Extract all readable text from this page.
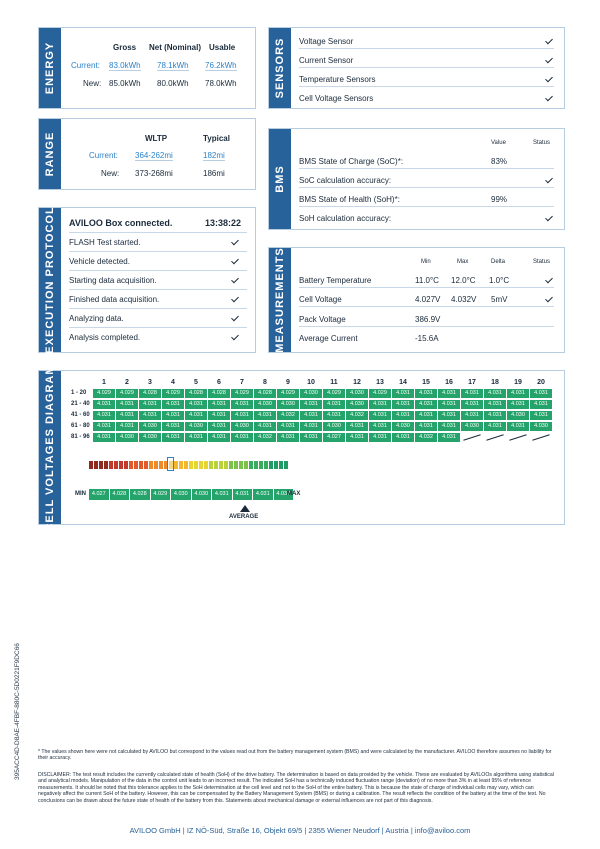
ENERGY	Gross Net (Nominal) Usable
Current: 83.0kWh 78.1kWh 76.2kWh
New: 85.0kWh 80.0kWh 78.0kWh	SENSORS Voltage Sensor
Current Sensor
Temperature Sensors
Cell Voltage Sensors
RANGE	WLTP	Typical
Current: 364-262mi	182mi
New: 373-268mi	186mi	BMS
Value	Status
BMS State of Charge (SoC)*:	83%
SoC calculation accuracy:
BMS State of Health (SoH)*:	99%
SoH calculation accuracy:
EXECUTION PROTOCOL AVILOO Box connected.	13:38:22
FLASH Test started.
Vehicle detected.
Starting data acquisition.
Finished data acquisition.
Analyzing data.
Analysis completed.	MEASUREMENTS	Min	Max	Delta	Status
Battery Temperature	11.0°C 12.0°C 1.0°C
Cell Voltage	4.027V 4.032V 5mV
Pack Voltage	386.9V
Average Current	-15.6A
CELL VOLTAGES DIAGRAM	1	2	3	4	5	6	7	8	9	10	11	12	13	14	15	16	17	18	19	20
1 - 20	4.029	4.029	4.028	4.029	4.028	4.028	4.029	4.028	4.029	4.030	4.029	4.030	4.029	4.031	4.031	4.031	4.031	4.031	4.031	4.031
21 - 40	4.031	4.031	4.031	4.031	4.031	4.031	4.031	4.030	4.030	4.031	4.031	4.030	4.031	4.031	4.031	4.031	4.031	4.031	4.031	4.031
41 - 60	4.031	4.031	4.031	4.031	4.031	4.031	4.031	4.031	4.032	4.031	4.031	4.032	4.031	4.031	4.031	4.031	4.031	4.031	4.030	4.031
61 - 80	4.031	4.031	4.030	4.031	4.030	4.031	4.030	4.031	4.031	4.031	4.030	4.031	4.031	4.030	4.031	4.031	4.030	4.031	4.031	4.030
81 - 96	4.031	4.030	4.030	4.031	4.031	4.031	4.031	4.032	4.031	4.031	4.027	4.031	4.031	4.031	4.032	4.031
MIN	4.027	4.028	4.028	4.029	4.030	4.030	4.031	4.031	4.031	4.032
MAX
AVERAGE
395ACC4D-D8AE-4FBF-880C-5D0221F9DC66	* The values shown here were not calculated by AVILOO but correspond to the values read out from the battery management system (BMS) and were calculated by the manufacturer. AVILOO therefore assumes no liability for their accuracy.
DISCLAIMER: The test result includes the currently calculated state of health (SoH) of the drive battery. The determination is based on data provided by the vehicle. These are evaluated by AVILOOs algorithms using statistical and analytical models. Manipulation of the data in the control unit leads to an incorrect result. The indicated SoH has a technically induced fluctuation range (deviation) of no more than 3% in at least 95% of reference measurements. It should be noted that this tolerance applies to the SoH determination at the cell level and not to the SoH of the entire battery. This is because the state of charge of individual cells may vary, which can negatively affect the current SoH of the battery. However, this can be compensated by the Battery Management System (BMS) or during a calibration. The result reflects the condition of the battery at the time of the test. No conclusions can be drawn about the future state of health of the battery from this. Statements about mechanical damage or external influences are not part of this diagnosis.
AVILOO GmbH | IZ NÖ-Süd, Straße 16, Objekt 69/5 | 2355 Wiener Neudorf | Austria | info@aviloo.com
